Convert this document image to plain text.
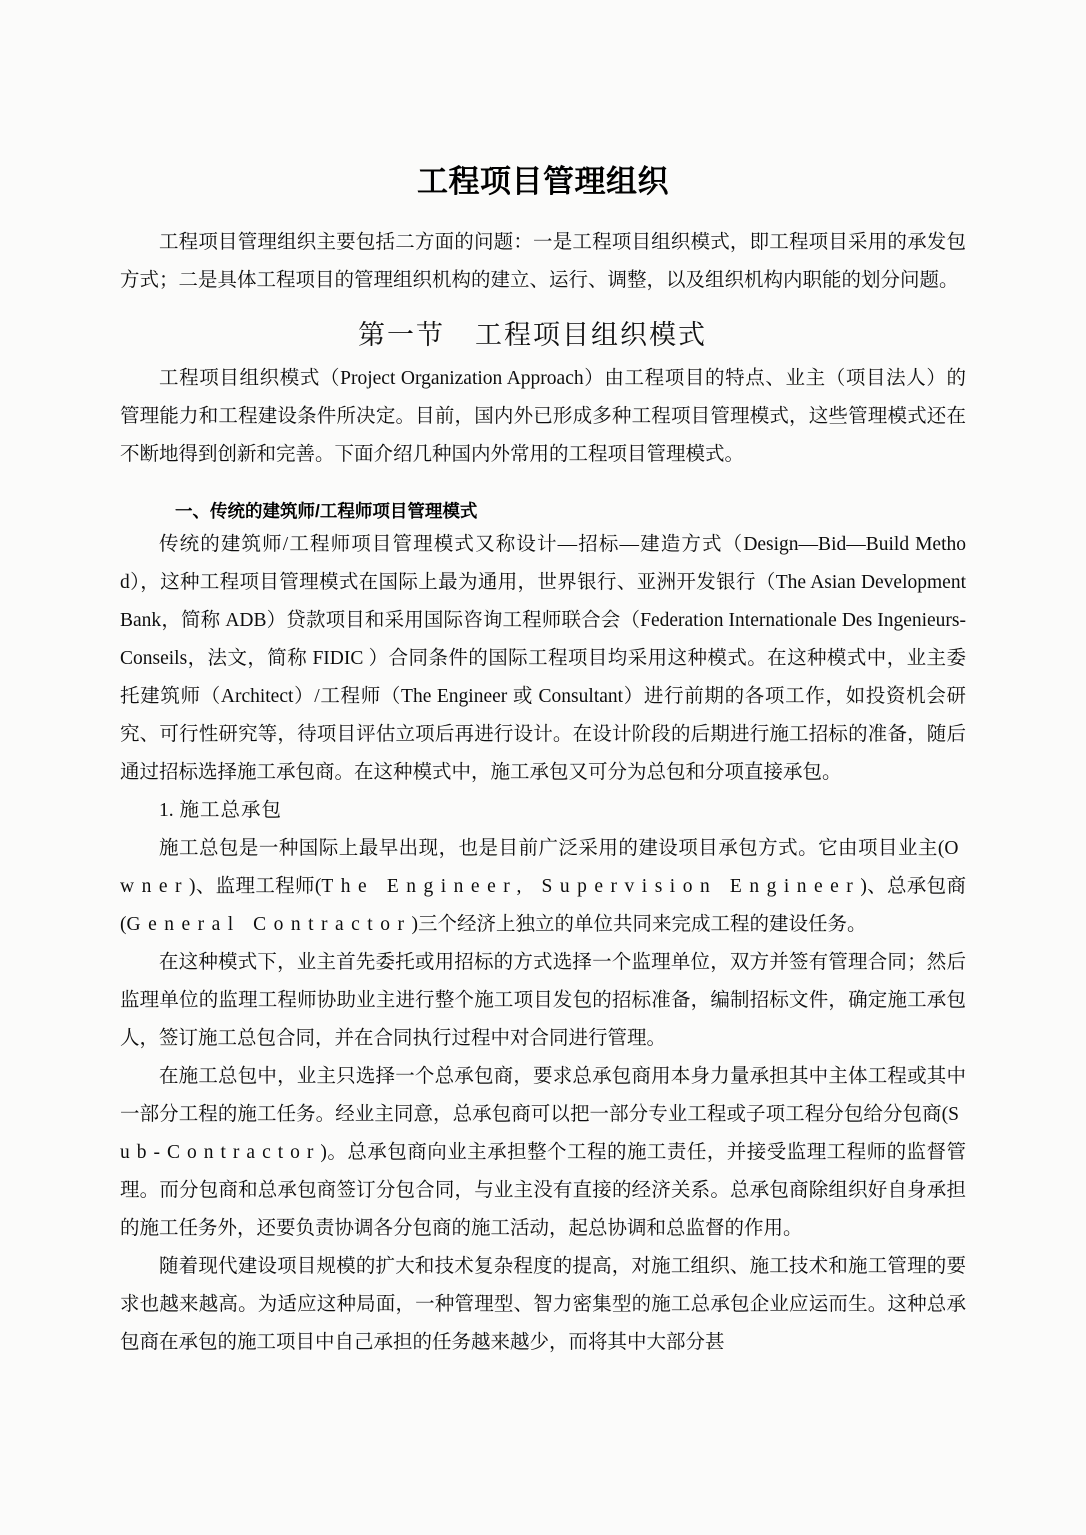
工程项目管理组织

工程项目管理组织主要包括二方面的问题：一是工程项目组织模式，即工程项目采用的承发包方式；二是具体工程项目的管理组织机构的建立、运行、调整，以及组织机构内职能的划分问题。

第一节 工程项目组织模式

工程项目组织模式（Project Organization Approach）由工程项目的特点、业主（项目法人）的管理能力和工程建设条件所决定。目前，国内外已形成多种工程项目管理模式，这些管理模式还在不断地得到创新和完善。下面介绍几种国内外常用的工程项目管理模式。

一、传统的建筑师/工程师项目管理模式

传统的建筑师/工程师项目管理模式又称设计—招标—建造方式（Design—Bid—Build Method），这种工程项目管理模式在国际上最为通用，世界银行、亚洲开发银行（The Asian Development Bank，简称 ADB）贷款项目和采用国际咨询工程师联合会（Federation Internationale Des Ingenieurs-Conseils，法文，简称 FIDIC ）合同条件的国际工程项目均采用这种模式。在这种模式中，业主委托建筑师（Architect）/工程师（The Engineer 或 Consultant）进行前期的各项工作，如投资机会研究、可行性研究等，待项目评估立项后再进行设计。在设计阶段的后期进行施工招标的准备，随后通过招标选择施工承包商。在这种模式中，施工承包又可分为总包和分项直接承包。

1. 施工总承包

施工总包是一种国际上最早出现，也是目前广泛采用的建设项目承包方式。它由项目业主(Owner)、监理工程师(The Engineer, Supervision Engineer)、总承包商(General Contractor)三个经济上独立的单位共同来完成工程的建设任务。

在这种模式下，业主首先委托或用招标的方式选择一个监理单位，双方并签有管理合同；然后监理单位的监理工程师协助业主进行整个施工项目发包的招标准备，编制招标文件，确定施工承包人，签订施工总包合同，并在合同执行过程中对合同进行管理。

在施工总包中，业主只选择一个总承包商，要求总承包商用本身力量承担其中主体工程或其中一部分工程的施工任务。经业主同意，总承包商可以把一部分专业工程或子项工程分包给分包商(Sub-Contractor)。总承包商向业主承担整个工程的施工责任，并接受监理工程师的监督管理。而分包商和总承包商签订分包合同，与业主没有直接的经济关系。总承包商除组织好自身承担的施工任务外，还要负责协调各分包商的施工活动，起总协调和总监督的作用。

随着现代建设项目规模的扩大和技术复杂程度的提高，对施工组织、施工技术和施工管理的要求也越来越高。为适应这种局面，一种管理型、智力密集型的施工总承包企业应运而生。这种总承包商在承包的施工项目中自己承担的任务越来越少，而将其中大部分甚
